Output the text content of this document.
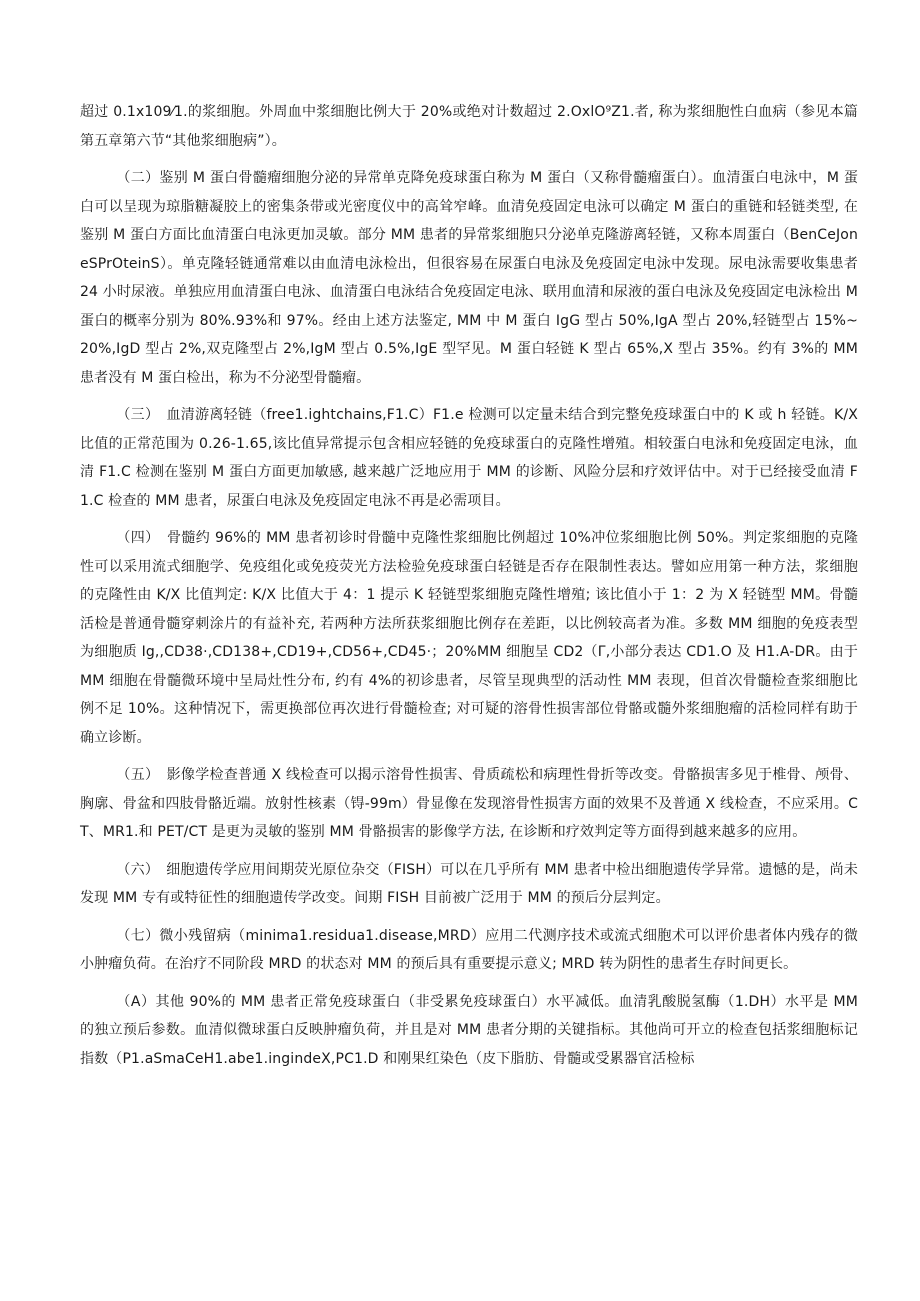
超过 0.1x109⁄1.的浆细胞。外周血中浆细胞比例大于 20%或绝对计数超过 2.OxlO⁹Z1.者, 称为浆细胞性白血病（参见本篇第五章第六节“其他浆细胞病”）。

（二）鉴别 M 蛋白骨髓瘤细胞分泌的异常单克降免疫球蛋白称为 M 蛋白（又称骨髓瘤蛋白）。血清蛋白电泳中，M 蛋白可以呈现为琼脂糖凝胶上的密集条带或光密度仪中的高耸窄峰。血清免疫固定电泳可以确定 M 蛋白的重链和轻链类型, 在鉴别 M 蛋白方面比血清蛋白电泳更加灵敏。部分 MM 患者的异常浆细胞只分泌单克隆游离轻链，又称本周蛋白（BenCeJoneSPrOteinS）。单克隆轻链通常难以由血清电泳检出，但很容易在尿蛋白电泳及免疫固定电泳中发现。尿电泳需要收集患者 24 小时尿液。单独应用血清蛋白电泳、血清蛋白电泳结合免疫固定电泳、联用血清和尿液的蛋白电泳及免疫固定电泳检出 M 蛋白的概率分别为 80%.93%和 97%。经由上述方法鉴定, MM 中 M 蛋白 IgG 型占 50%,IgA 型占 20%,轻链型占 15%~20%,IgD 型占 2%,双克隆型占 2%,IgM 型占 0.5%,IgE 型罕见。M 蛋白轻链 K 型占 65%,X 型占 35%。约有 3%的 MM 患者没有 M 蛋白检出，称为不分泌型骨髓瘤。

（三）　血清游离轻链（free1.ightchains,F1.C）F1.e 检测可以定量未结合到完整免疫球蛋白中的 K 或 h 轻链。K/X 比值的正常范围为 0.26-1.65,该比值异常提示包含相应轻链的免疫球蛋白的克隆性增殖。相较蛋白电泳和免疫固定电泳，血清 F1.C 检测在鉴别 M 蛋白方面更加敏感, 越来越广泛地应用于 MM 的诊断、风险分层和疗效评估中。对于已经接受血清 F1.C 检查的 MM 患者，尿蛋白电泳及免疫固定电泳不再是必需项目。

（四）　骨髓约 96%的 MM 患者初诊时骨髓中克隆性浆细胞比例超过 10%冲位浆细胞比例 50%。判定浆细胞的克隆性可以采用流式细胞学、免疫组化或免疫荧光方法检验免疫球蛋白轻链是否存在限制性表达。譬如应用第一种方法，浆细胞的克隆性由 K/X 比值判定: K/X 比值大于 4：1 提示 K 轻链型浆细胞克隆性增殖; 该比值小于 1：2 为 X 轻链型 MM。骨髓活检是普通骨髓穿刺涂片的有益补充, 若两种方法所获浆细胞比例存在差距，以比例较高者为准。多数 MM 细胞的免疫表型为细胞质 Ig,,CD38·,CD138+,CD19+,CD56+,CD45·；20%MM 细胞呈 CD2（Γ,小部分表达 CD1.O 及 H1.A-DR。由于 MM 细胞在骨髓微环境中呈局灶性分布, 约有 4%的初诊患者，尽管呈现典型的活动性 MM 表现，但首次骨髓检查浆细胞比例不足 10%。这种情况下，需更换部位再次进行骨髓检查; 对可疑的溶骨性损害部位骨骼或髓外浆细胞瘤的活检同样有助于确立诊断。

（五）　影像学检查普通 X 线检查可以揭示溶骨性损害、骨质疏松和病理性骨折等改变。骨骼损害多见于椎骨、颅骨、胸廓、骨盆和四肢骨骼近端。放射性核素（锝-99m）骨显像在发现溶骨性损害方面的效果不及普通 X 线检查，不应采用。CT、MR1.和 PET/CT 是更为灵敏的鉴别 MM 骨骼损害的影像学方法, 在诊断和疗效判定等方面得到越来越多的应用。

（六）　细胞遗传学应用间期荧光原位杂交（FISH）可以在几乎所有 MM 患者中检出细胞遗传学异常。遗憾的是，尚未发现 MM 专有或特征性的细胞遗传学改变。间期 FISH 目前被广泛用于 MM 的预后分层判定。

（七）微小残留病（minima1.residua1.disease,MRD）应用二代测序技术或流式细胞术可以评价患者体内残存的微小肿瘤负荷。在治疗不同阶段 MRD 的状态对 MM 的预后具有重要提示意义; MRD 转为阴性的患者生存时间更长。

（A）其他 90%的 MM 患者正常免疫球蛋白（非受累免疫球蛋白）水平减低。血清乳酸脱氢酶（1.DH）水平是 MM 的独立预后参数。血清似微球蛋白反映肿瘤负荷，并且是对 MM 患者分期的关键指标。其他尚可开立的检查包括浆细胞标记指数（P1.aSmaCeH1.abe1.ingindeX,PC1.D 和刚果红染色（皮下脂肪、骨髓或受累器官活检标
